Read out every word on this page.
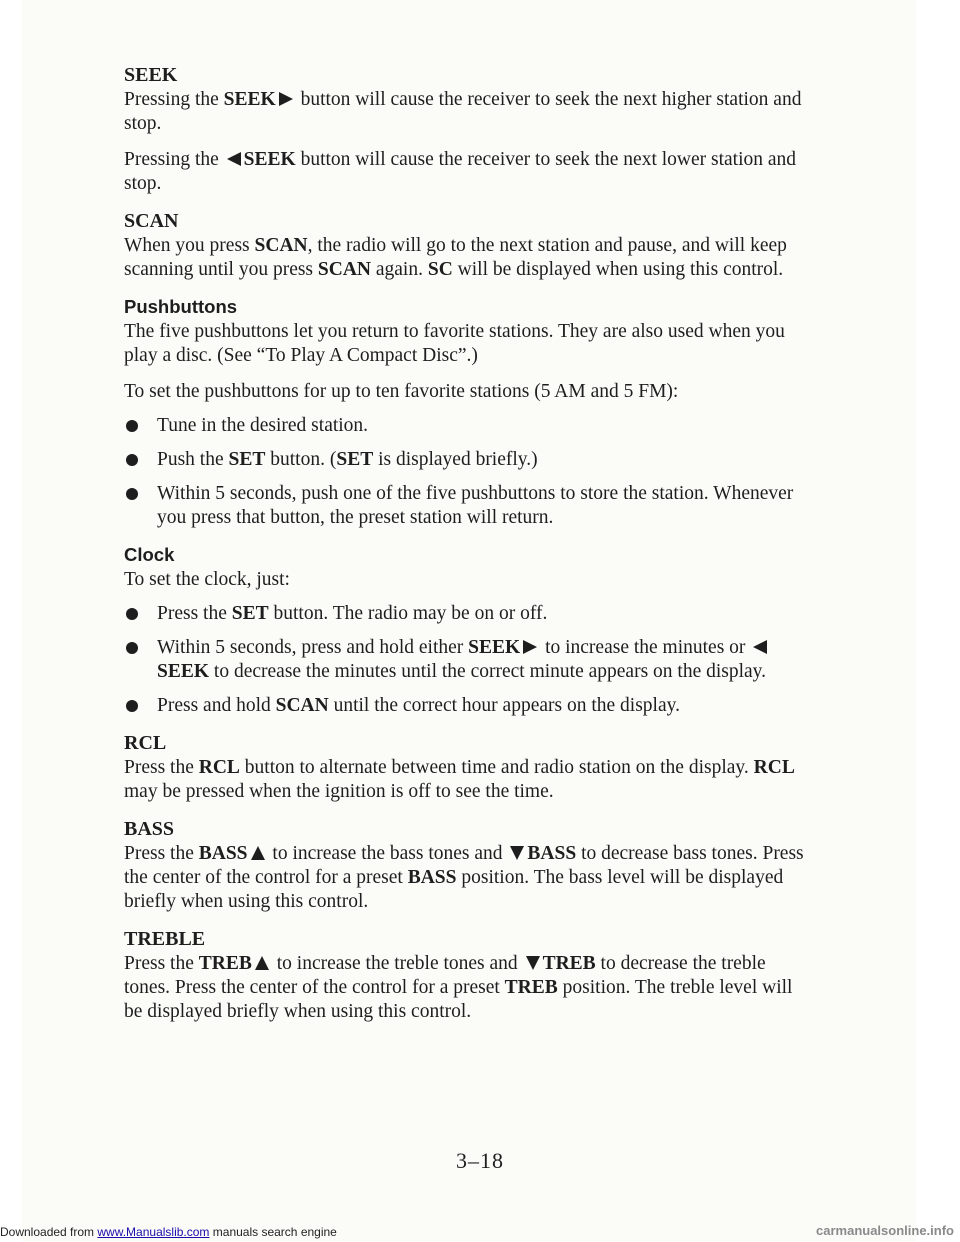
SEEK

Pressing the SEEK button will cause the receiver to seek the next higher station and stop.

Pressing the SEEK button will cause the receiver to seek the next lower station and stop.

SCAN

When you press SCAN, the radio will go to the next station and pause, and will keep scanning until you press SCAN again. SC will be displayed when using this control.

Pushbuttons

The five pushbuttons let you return to favorite stations. They are also used when you play a disc. (See “To Play A Compact Disc”.)

To set the pushbuttons for up to ten favorite stations (5 AM and 5 FM):

Tune in the desired station.
Push the SET button. (SET is displayed briefly.)
Within 5 seconds, push one of the five pushbuttons to store the station. Whenever you press that button, the preset station will return.
Clock

To set the clock, just:

Press the SET button. The radio may be on or off.
Within 5 seconds, press and hold either SEEK to increase the minutes or SEEK to decrease the minutes until the correct minute appears on the display.
Press and hold SCAN until the correct hour appears on the display.
RCL

Press the RCL button to alternate between time and radio station on the display. RCL may be pressed when the ignition is off to see the time.

BASS

Press the BASS to increase the bass tones and BASS to decrease bass tones. Press the center of the control for a preset BASS position. The bass level will be displayed briefly when using this control.

TREBLE

Press the TREB to increase the treble tones and TREB to decrease the treble tones. Press the center of the control for a preset TREB position. The treble level will be displayed briefly when using this control.

3–18
Downloaded from www.Manualslib.com manuals search engine	carmanualsonline.info
